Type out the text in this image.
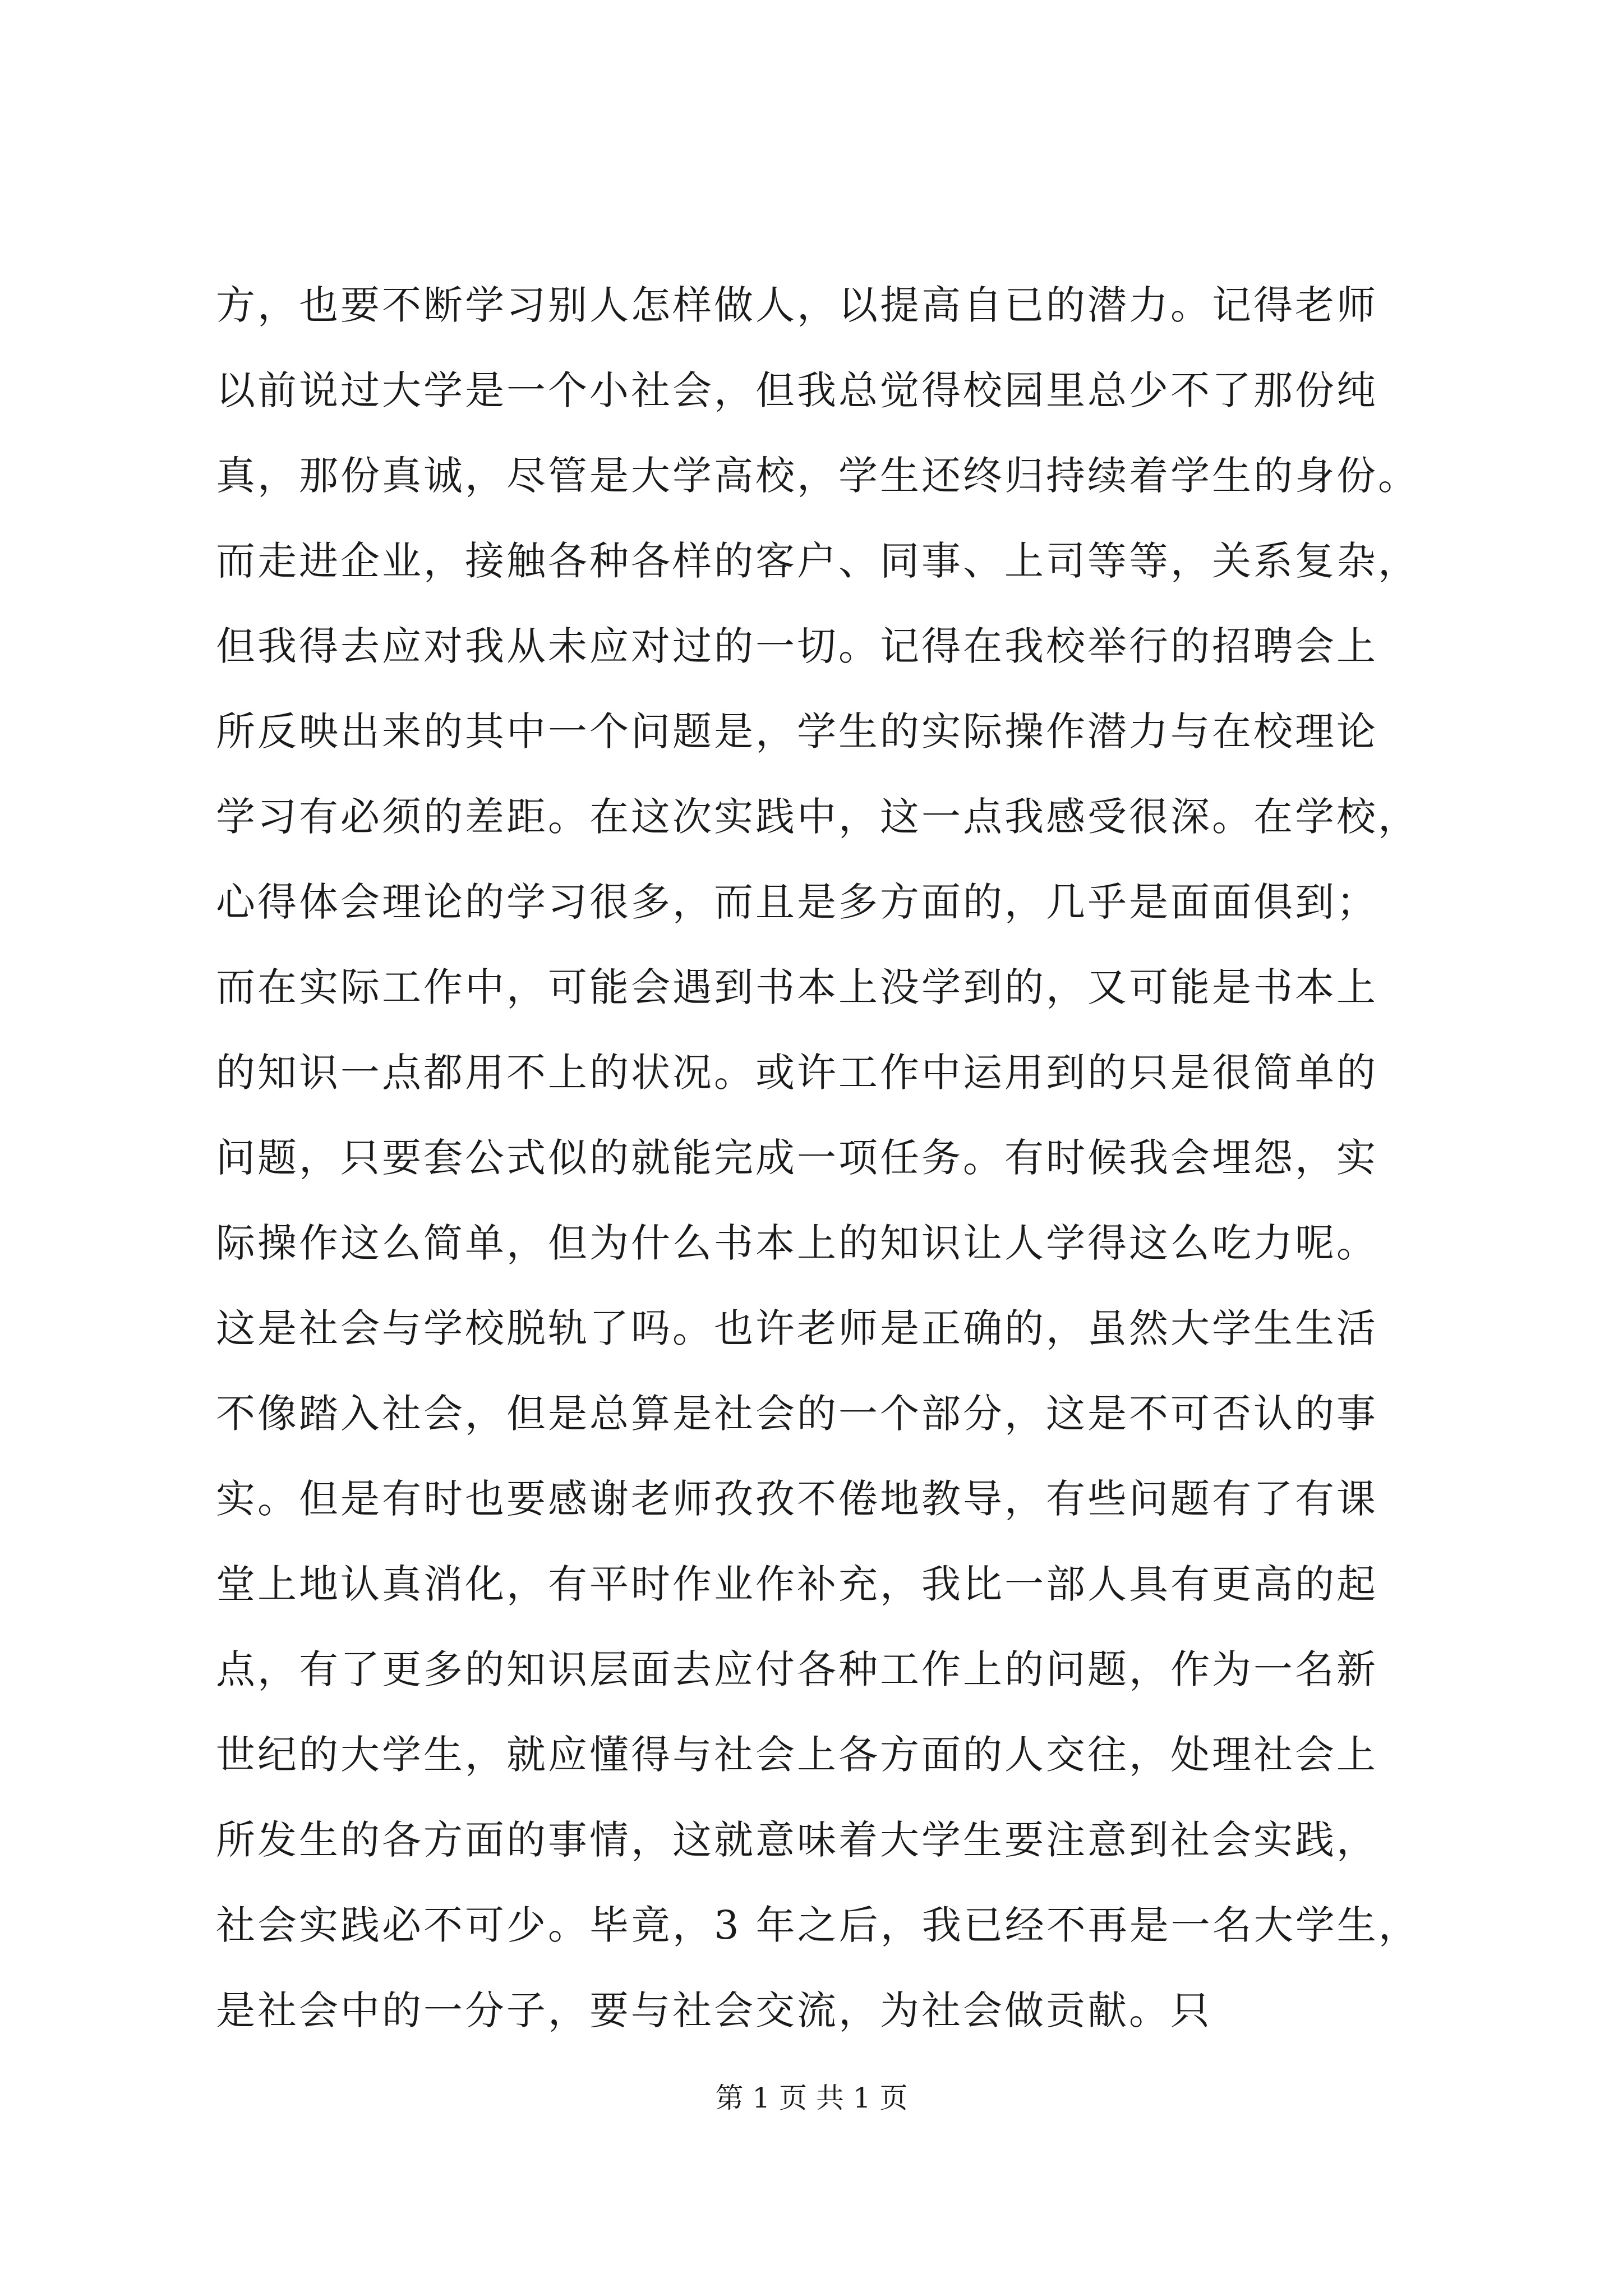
方，也要不断学习别人怎样做人，以提高自已的潜力。记得老师
以前说过大学是一个小社会，但我总觉得校园里总少不了那份纯
真，那份真诚，尽管是大学高校，学生还终归持续着学生的身份。
而走进企业，接触各种各样的客户、同事、上司等等，关系复杂，
但我得去应对我从未应对过的一切。记得在我校举行的招聘会上
所反映出来的其中一个问题是，学生的实际操作潜力与在校理论
学习有必须的差距。在这次实践中，这一点我感受很深。在学校，
心得体会理论的学习很多，而且是多方面的，几乎是面面俱到；
而在实际工作中，可能会遇到书本上没学到的，又可能是书本上
的知识一点都用不上的状况。或许工作中运用到的只是很简单的
问题，只要套公式似的就能完成一项任务。有时候我会埋怨，实
际操作这么简单，但为什么书本上的知识让人学得这么吃力呢。
这是社会与学校脱轨了吗。也许老师是正确的，虽然大学生生活
不像踏入社会，但是总算是社会的一个部分，这是不可否认的事
实。但是有时也要感谢老师孜孜不倦地教导，有些问题有了有课
堂上地认真消化，有平时作业作补充，我比一部人具有更高的起
点，有了更多的知识层面去应付各种工作上的问题，作为一名新
世纪的大学生，就应懂得与社会上各方面的人交往，处理社会上
所发生的各方面的事情，这就意味着大学生要注意到社会实践，
社会实践必不可少。毕竟，3 年之后，我已经不再是一名大学生，
是社会中的一分子，要与社会交流，为社会做贡献。只
第 1 页 共 1 页
